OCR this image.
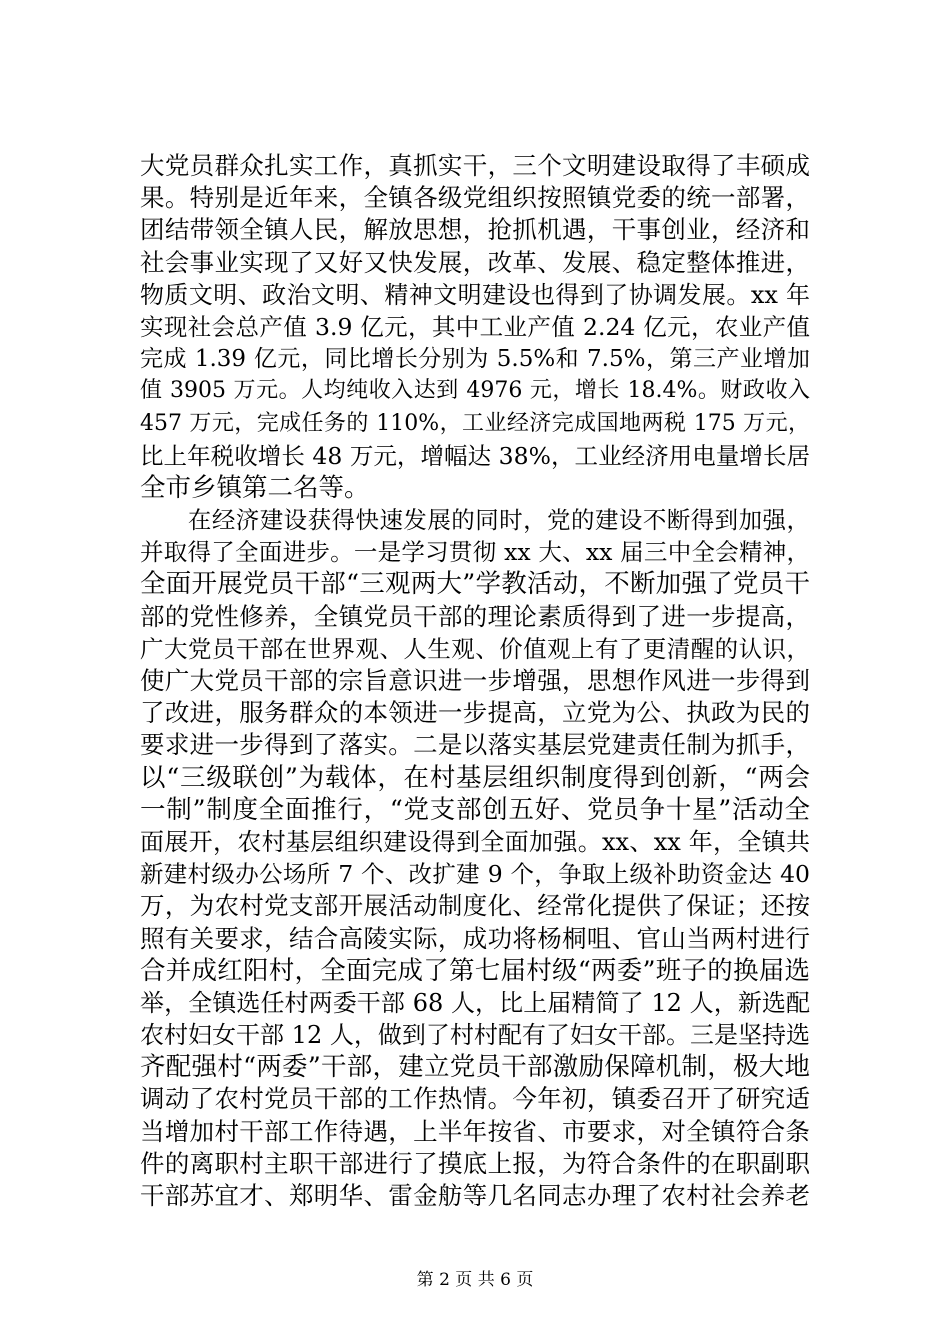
大党员群众扎实工作，真抓实干，三个文明建设取得了丰硕成
果。特别是近年来，全镇各级党组织按照镇党委的统一部署，
团结带领全镇人民，解放思想，抢抓机遇，干事创业，经济和
社会事业实现了又好又快发展，改革、发展、稳定整体推进，
物质文明、政治文明、精神文明建设也得到了协调发展。xx 年
实现社会总产值 3.9 亿元，其中工业产值 2.24 亿元，农业产值
完成 1.39 亿元，同比增长分别为 5.5%和 7.5%，第三产业增加
值 3905 万元。人均纯收入达到 4976 元，增长 18.4%。财政收入
457 万元，完成任务的 110%，工业经济完成国地两税 175 万元，
比上年税收增长 48 万元，增幅达 38%，工业经济用电量增长居
全市乡镇第二名等。
　　在经济建设获得快速发展的同时，党的建设不断得到加强，
并取得了全面进步。一是学习贯彻 xx 大、xx 届三中全会精神，
全面开展党员干部“三观两大”学教活动，不断加强了党员干
部的党性修养，全镇党员干部的理论素质得到了进一步提高，
广大党员干部在世界观、人生观、价值观上有了更清醒的认识，
使广大党员干部的宗旨意识进一步增强，思想作风进一步得到
了改进，服务群众的本领进一步提高，立党为公、执政为民的
要求进一步得到了落实。二是以落实基层党建责任制为抓手，
以“三级联创”为载体，在村基层组织制度得到创新，“两会
一制”制度全面推行，“党支部创五好、党员争十星”活动全
面展开，农村基层组织建设得到全面加强。xx、xx 年，全镇共
新建村级办公场所 7 个、改扩建 9 个，争取上级补助资金达 40
万，为农村党支部开展活动制度化、经常化提供了保证；还按
照有关要求，结合高陵实际，成功将杨桐咀、官山当两村进行
合并成红阳村，全面完成了第七届村级“两委”班子的换届选
举，全镇选任村两委干部 68 人，比上届精简了 12 人，新选配
农村妇女干部 12 人，做到了村村配有了妇女干部。三是坚持选
齐配强村“两委”干部，建立党员干部激励保障机制，极大地
调动了农村党员干部的工作热情。今年初，镇委召开了研究适
当增加村干部工作待遇，上半年按省、市要求，对全镇符合条
件的离职村主职干部进行了摸底上报，为符合条件的在职副职
干部苏宜才、郑明华、雷金舫等几名同志办理了农村社会养老
第 2 页 共 6 页
